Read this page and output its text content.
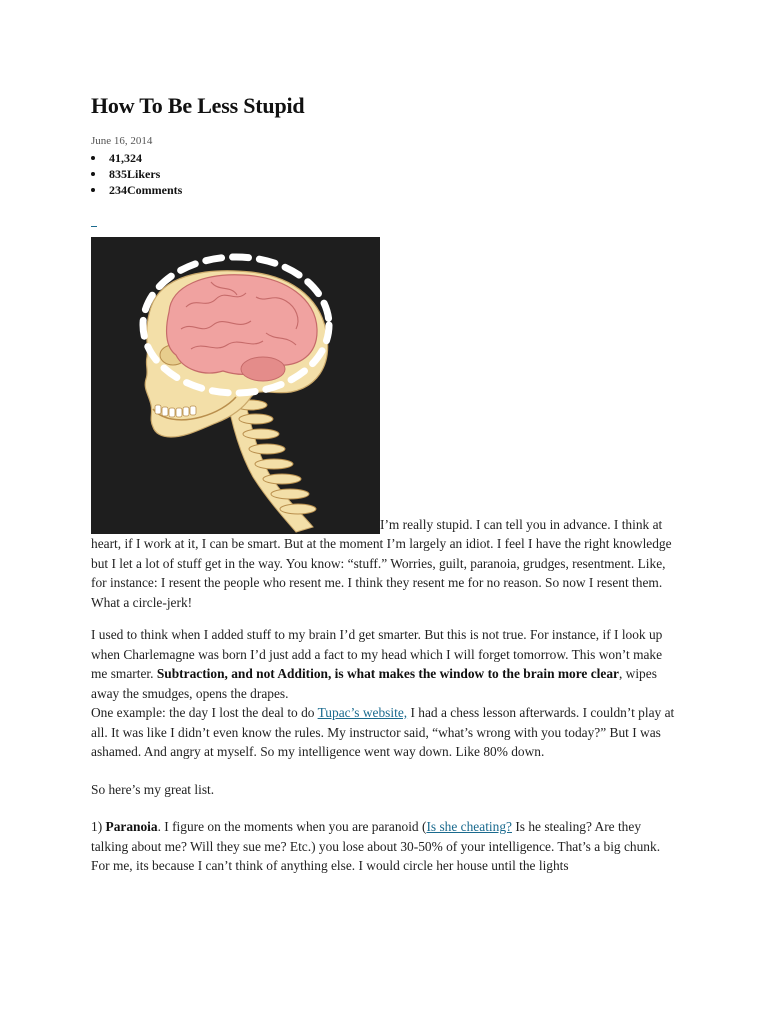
How To Be Less Stupid
June 16, 2014
41,324
835Likers
234Comments

I’m really stupid. I can tell you in advance. I think at heart, if I work at it, I can be smart. But at the moment I’m largely an idiot. I feel I have the right knowledge but I let a lot of stuff get in the way. You know: “stuff.” Worries, guilt, paranoia, grudges, resentment. Like, for instance: I resent the people who resent me. I think they resent me for no reason. So now I resent them. What a circle-jerk!

I used to think when I added stuff to my brain I’d get smarter. But this is not true. For instance, if I look up when Charlemagne was born I’d just add a fact to my head which I will forget tomorrow. This won’t make me smarter. Subtraction, and not Addition, is what makes the window to the brain more clear, wipes away the smudges, opens the drapes.

One example: the day I lost the deal to do Tupac’s website, I had a chess lesson afterwards. I couldn’t play at all. It was like I didn’t even know the rules. My instructor said, “what’s wrong with you today?” But I was ashamed. And angry at myself. So my intelligence went way down. Like 80% down.

So here’s my great list.

1) Paranoia. I figure on the moments when you are paranoid (Is she cheating? Is he stealing? Are they talking about me? Will they sue me? Etc.) you lose about 30-50% of your intelligence. That’s a big chunk. For me, its because I can’t think of anything else. I would circle her house until the lights
